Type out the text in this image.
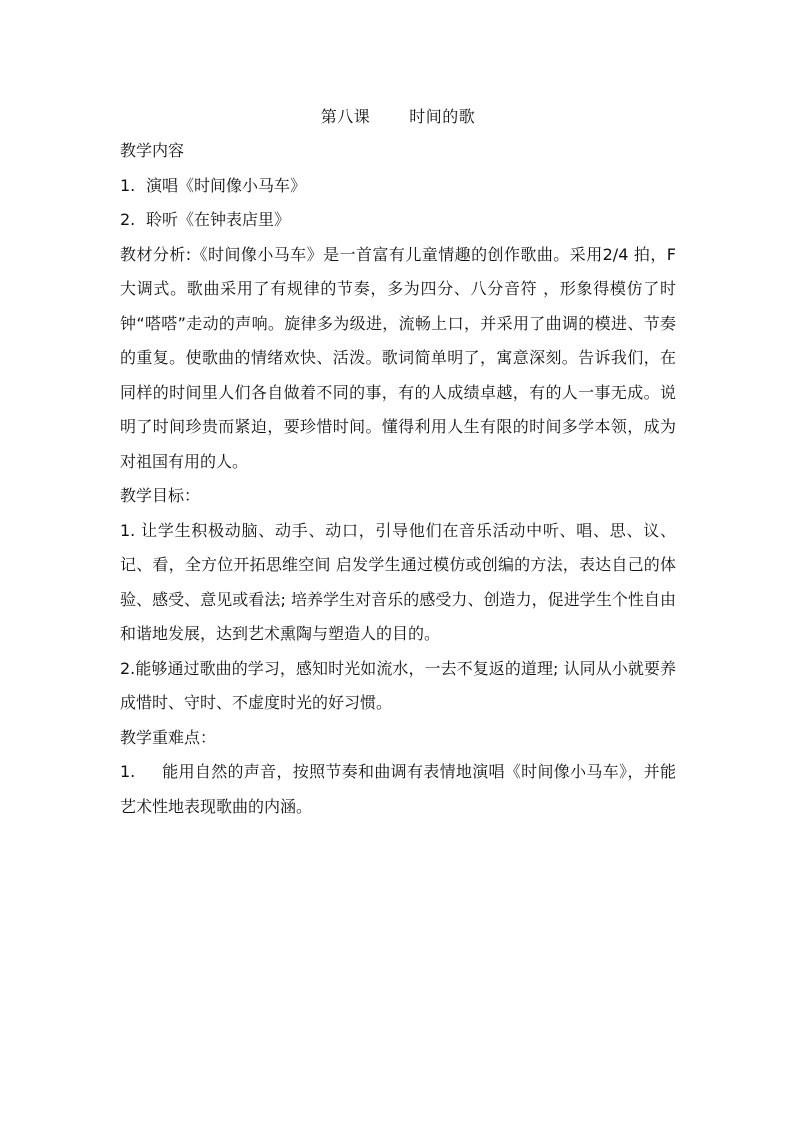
第八课       时间的歌

教学内容

1. 演唱《时间像小马车》

2. 聆听《在钟表店里》

教材分析:《时间像小马车》是一首富有儿童情趣的创作歌曲。采用2/4 拍，F 大调式。歌曲采用了有规律的节奏，多为四分、八分音符 ，形象得模仿了时钟“嗒嗒”走动的声响。旋律多为级进，流畅上口，并采用了曲调的模进、节奏的重复。使歌曲的情绪欢快、活泼。歌词简单明了，寓意深刻。告诉我们，在同样的时间里人们各自做着不同的事，有的人成绩卓越，有的人一事无成。说明了时间珍贵而紧迫，要珍惜时间。懂得利用人生有限的时间多学本领，成为对祖国有用的人。

教学目标：

1. 让学生积极动脑、动手、动口，引导他们在音乐活动中听、唱、思、议、记、看，全方位开拓思维空间 启发学生通过模仿或创编的方法，表达自己的体验、感受、意见或看法; 培养学生对音乐的感受力、创造力，促进学生个性自由和谐地发展，达到艺术熏陶与塑造人的目的。

2.能够通过歌曲的学习，感知时光如流水，一去不复返的道理; 认同从小就要养成惜时、守时、不虚度时光的好习惯。

教学重难点：

1. 能用自然的声音，按照节奏和曲调有表情地演唱《时间像小马车》，并能艺术性地表现歌曲的内涵。
